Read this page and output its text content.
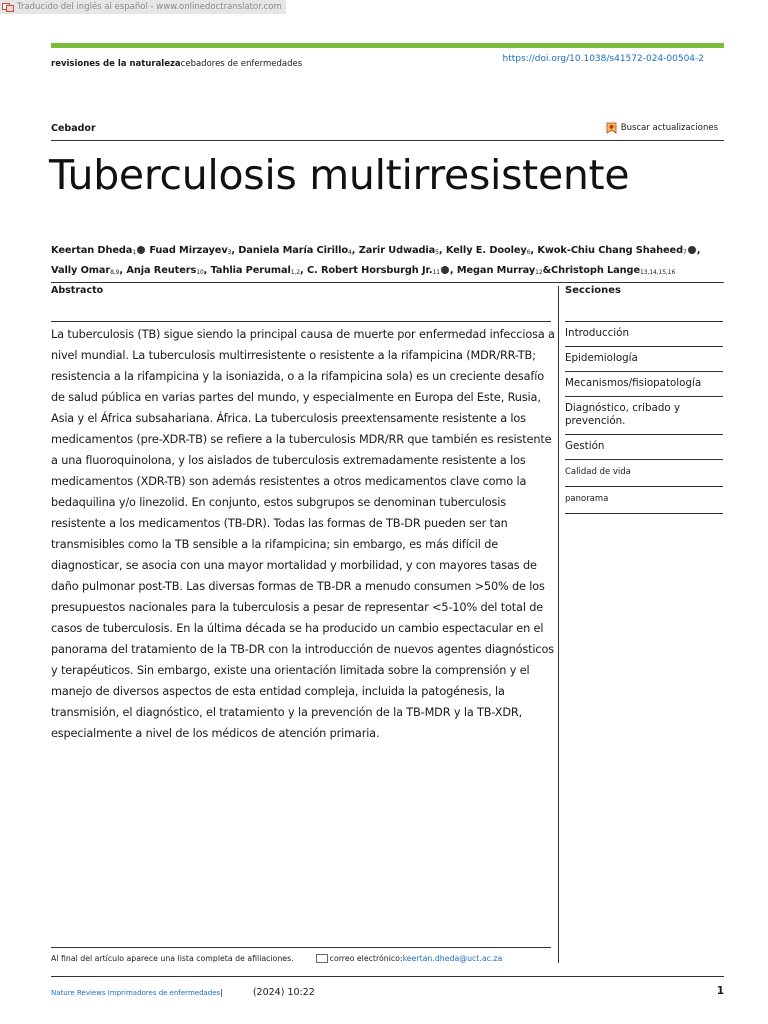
Traducido del inglés al español - www.onlinedoctranslator.com
revisiones de la naturalezacebadores de enfermedades	https://doi.org/10.1038/s41572-024-00504-2
Cebador	Buscar actualizaciones
Tuberculosis multirresistente
Keertan Dheda$_1$ Fuad Mirzayev$_3$, Daniela María Cirillo$_4$, Zarir Udwadia$_5$, Kelly E. Dooley$_6$, Kwok-Chiu Chang Shaheed$_7$ ,
Vally Omar$_{8,9}$, Anja Reuters$_{10}$, Tahlia Perumal$_{1,2}$, C. Robert Horsburgh $Jr._{11}$ , Megan Murray$_{12}$&Christoph Lange$_{13,14,15,16}$
Abstracto

La tuberculosis (TB) sigue siendo la principal causa de muerte por enfermedad infecciosa a nivel mundial. La tuberculosis multirresistente o resistente a la rifampicina (MDR/RR-TB; resistencia a la rifampicina y la isoniazida, o a la rifampicina sola) es un creciente desafío de salud pública en varias partes del mundo, y especialmente en Europa del Este, Rusia, Asia y el África subsahariana. África. La tuberculosis preextensamente resistente a los medicamentos (pre-XDR-TB) se refiere a la tuberculosis MDR/RR que también es resistente a una fluoroquinolona, y los aislados de tuberculosis extremadamente resistente a los medicamentos (XDR-TB) son además resistentes a otros medicamentos clave como la bedaquilina y/o linezolid. En conjunto, estos subgrupos se denominan tuberculosis resistente a los medicamentos (TB-DR). Todas las formas de TB-DR pueden ser tan transmisibles como la TB sensible a la rifampicina; sin embargo, es más difícil de diagnosticar, se asocia con una mayor mortalidad y morbilidad, y con mayores tasas de daño pulmonar post-TB. Las diversas formas de TB-DR a menudo consumen >50% de los presupuestos nacionales para la tuberculosis a pesar de representar <5-10% del total de casos de tuberculosis. En la última década se ha producido un cambio espectacular en el panorama del tratamiento de la TB-DR con la introducción de nuevos agentes diagnósticos y terapéuticos. Sin embargo, existe una orientación limitada sobre la comprensión y el manejo de diversos aspectos de esta entidad compleja, incluida la patogénesis, la transmisión, el diagnóstico, el tratamiento y la prevención de la TB-MDR y la TB-XDR, especialmente a nivel de los médicos de atención primaria.

Secciones
Introducción
Epidemiología
Mecanismos/fisiopatología
Diagnóstico, cribado y prevención.
Gestión
Calidad de vida
panorama
Al final del artículo aparece una lista completa de afiliaciones.	correo electrónico: keertan.dheda@uct.ac.za
Nature Reviews Imprimadores de enfermedades |	(2024) 10:22	1
